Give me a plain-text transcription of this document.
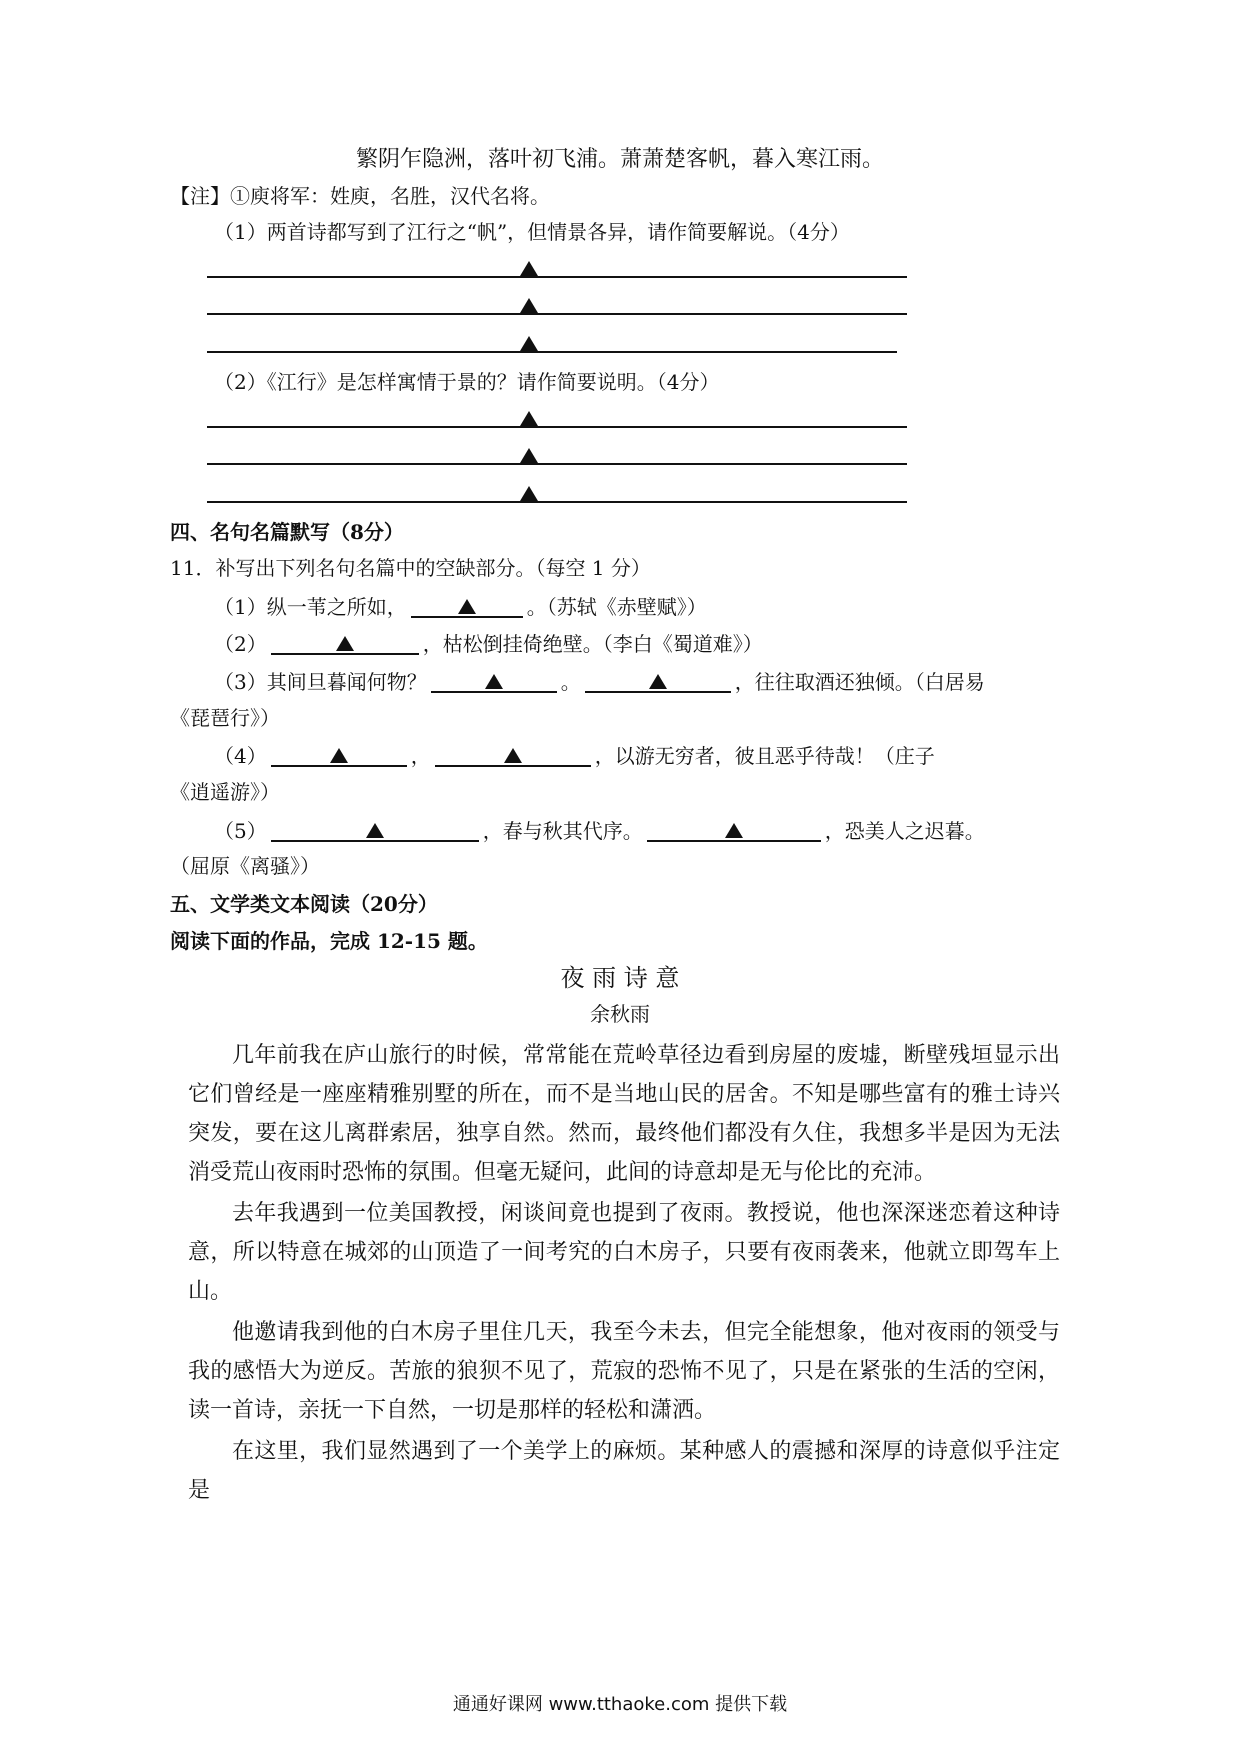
繁阴乍隐洲，落叶初飞浦。萧萧楚客帆，暮入寒江雨。
【注】①庾将军：姓庾，名胜，汉代名将。
（1）两首诗都写到了江行之“帆”，但情景各异，请作简要解说。（4分）
（2）《江行》是怎样寓情于景的？请作简要说明。（4分）
四、名句名篇默写（8分）
11．补写出下列名句名篇中的空缺部分。（每空 1 分）
（1）纵一苇之所如，	。（苏轼《赤壁赋》）
（2）	，枯松倒挂倚绝壁。（李白《蜀道难》）
（3）其间旦暮闻何物？	。	，往往取酒还独倾。（白居易
《琵琶行》）
（4）	，	，以游无穷者，彼且恶乎待哉！（庄子
《逍遥游》）
（5）	，春与秋其代序。	，恐美人之迟暮。
（屈原《离骚》）
五、文学类文本阅读（20分）
阅读下面的作品，完成 12-15 题。
夜 雨 诗 意
余秋雨

几年前我在庐山旅行的时候，常常能在荒岭草径边看到房屋的废墟，断壁残垣显示出它们曾经是一座座精雅别墅的所在，而不是当地山民的居舍。不知是哪些富有的雅士诗兴突发，要在这儿离群索居，独享自然。然而，最终他们都没有久住，我想多半是因为无法消受荒山夜雨时恐怖的氛围。但毫无疑问，此间的诗意却是无与伦比的充沛。

去年我遇到一位美国教授，闲谈间竟也提到了夜雨。教授说，他也深深迷恋着这种诗意，所以特意在城郊的山顶造了一间考究的白木房子，只要有夜雨袭来，他就立即驾车上山。

他邀请我到他的白木房子里住几天，我至今未去，但完全能想象，他对夜雨的领受与我的感悟大为逆反。苦旅的狼狈不见了，荒寂的恐怖不见了，只是在紧张的生活的空闲，读一首诗，亲抚一下自然，一切是那样的轻松和潇洒。

在这里，我们显然遇到了一个美学上的麻烦。某种感人的震撼和深厚的诗意似乎注定是

通通好课网 www.tthaoke.com 提供下载
